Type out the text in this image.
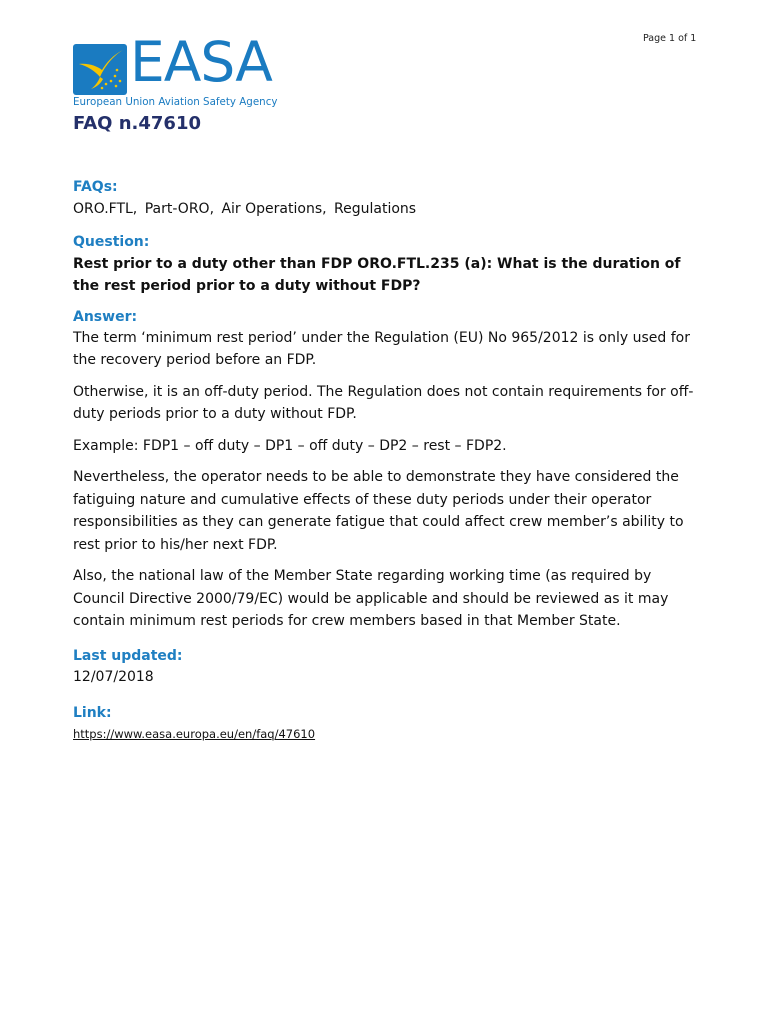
Page 1 of 1
EASA
European Union Aviation Safety Agency
FAQ n.47610
FAQs:

ORO.FTL, Part-ORO, Air Operations, Regulations

Question:

Rest prior to a duty other than FDP ORO.FTL.235 (a): What is the duration of the rest period prior to a duty without FDP?

Answer:

The term ‘minimum rest period’ under the Regulation (EU) No 965/2012 is only used for the recovery period before an FDP.

Otherwise, it is an off-duty period. The Regulation does not contain requirements for off-duty periods prior to a duty without FDP.

Example: FDP1 – off duty – DP1 – off duty – DP2 – rest – FDP2.

Nevertheless, the operator needs to be able to demonstrate they have considered the fatiguing nature and cumulative effects of these duty periods under their operator responsibilities as they can generate fatigue that could affect crew member’s ability to rest prior to his/her next FDP.

Also, the national law of the Member State regarding working time (as required by Council Directive 2000/79/EC) would be applicable and should be reviewed as it may contain minimum rest periods for crew members based in that Member State.

Last updated:

12/07/2018

Link:
https://www.easa.europa.eu/en/faq/47610
